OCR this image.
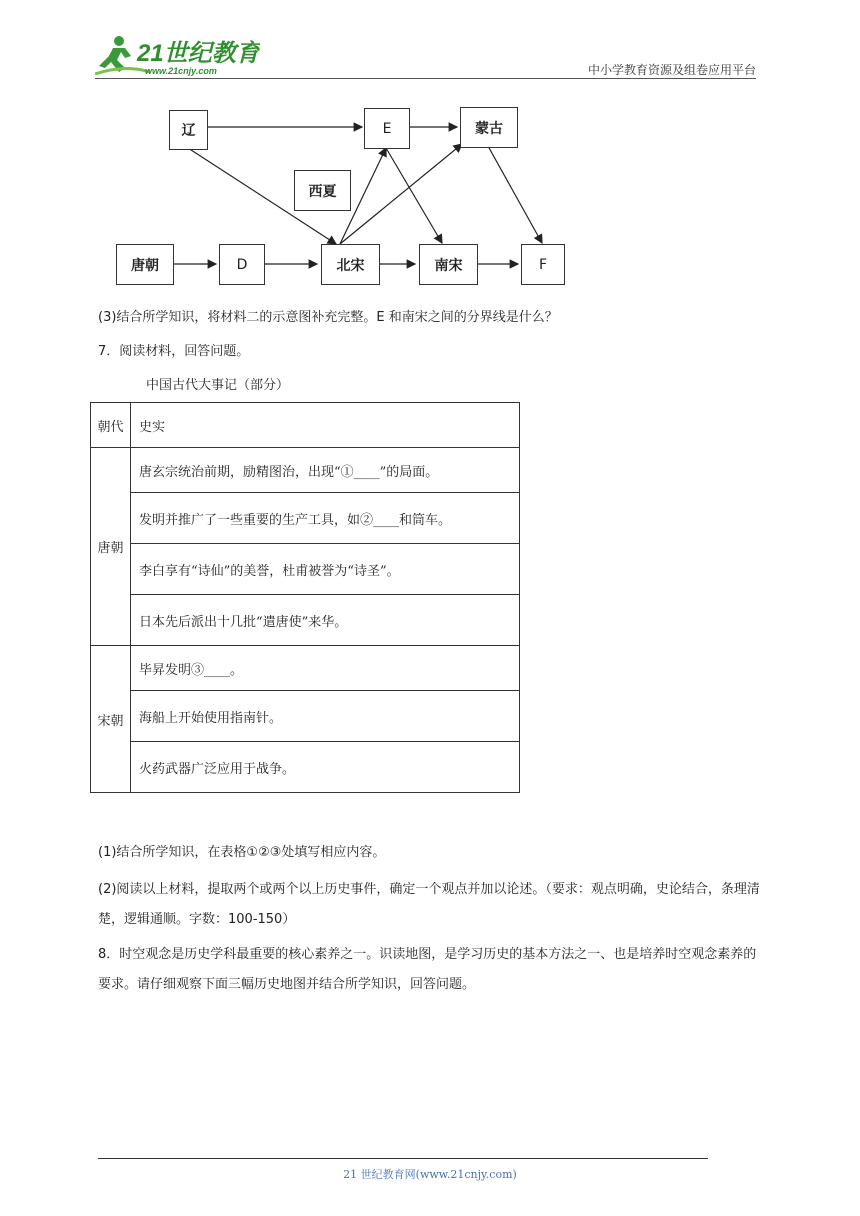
21世纪教育
www.21cnjy.com	中小学教育资源及组卷应用平台
辽	E	蒙古
西夏
唐朝	D	北宋	南宋	F
(3)结合所学知识，将材料二的示意图补充完整。E 和南宋之间的分界线是什么？
7．阅读材料，回答问题。
中国古代大事记（部分）
朝代	史实
唐朝	唐玄宗统治前期，励精图治，出现“①____”的局面。
	发明并推广了一些重要的生产工具，如②____和筒车。
	李白享有“诗仙”的美誉，杜甫被誉为“诗圣”。
	日本先后派出十几批“遣唐使”来华。
宋朝	毕昇发明③____。
	海船上开始使用指南针。
	火药武器广泛应用于战争。
(1)结合所学知识，在表格①②③处填写相应内容。
(2)阅读以上材料，提取两个或两个以上历史事件，确定一个观点并加以论述。（要求：观点明确，史论结合，条理清楚，逻辑通顺。字数：100-150）
8．时空观念是历史学科最重要的核心素养之一。识读地图，是学习历史的基本方法之一、也是培养时空观念素养的要求。请仔细观察下面三幅历史地图并结合所学知识，回答问题。
21 世纪教育网(www.21cnjy.com)
